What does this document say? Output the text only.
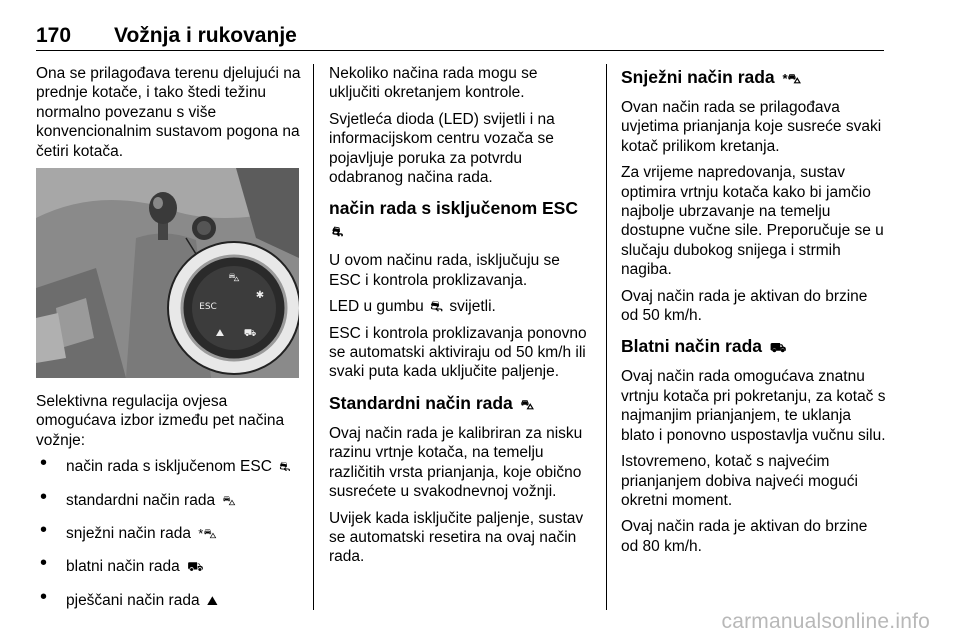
170 Vožnja i rukovanje

Ona se prilagođava terenu djelujući na prednje kotače, i tako štedi težinu normalno povezanu s više konvencionalnim sustavom pogona na četiri kotača.

⛍
ESC
✱
⛰ ⛟

Selektivna regulacija ovjesa omogućava izbor između pet načina vožnje:

• način rada s isključenom ESC ⛐
• standardni način rada ⛍
• snježni način rada *⛍
• blatni način rada ⛟
• pješčani način rada ⛰

Nekoliko načina rada mogu se uključiti okretanjem kontrole.

Svjetleća dioda (LED) svijetli i na informacijskom centru vozača se pojavljuje poruka za potvrdu odabranog načina rada.

način rada s isključenom ESC ⛐

U ovom načinu rada, isključuju se ESC i kontrola proklizavanja.

LED u gumbu ⛐ svijetli.

ESC i kontrola proklizavanja ponovno se automatski aktiviraju od 50 km/h ili svaki puta kada uključite paljenje.

Standardni način rada ⛍

Ovaj način rada je kalibriran za nisku razinu vrtnje kotača, na temelju različitih vrsta prianjanja, koje obično susrećete u svakodnevnoj vožnji.

Uvijek kada isključite paljenje, sustav se automatski resetira na ovaj način rada.

Snježni način rada *⛍

Ovan način rada se prilagođava uvjetima prianjanja koje susreće svaki kotač prilikom kretanja.

Za vrijeme napredovanja, sustav optimira vrtnju kotača kako bi jamčio najbolje ubrzavanje na temelju dostupne vučne sile. Preporučuje se u slučaju dubokog snijega i strmih nagiba.

Ovaj način rada je aktivan do brzine od 50 km/h.

Blatni način rada ⛟

Ovaj način rada omogućava znatnu vrtnju kotača pri pokretanju, za kotač s najmanjim prianjanjem, te uklanja blato i ponovno uspostavlja vučnu silu.

Istovremeno, kotač s najvećim prianjanjem dobiva najveći mogući okretni moment.

Ovaj način rada je aktivan do brzine od 80 km/h.

carmanualsonline.info
